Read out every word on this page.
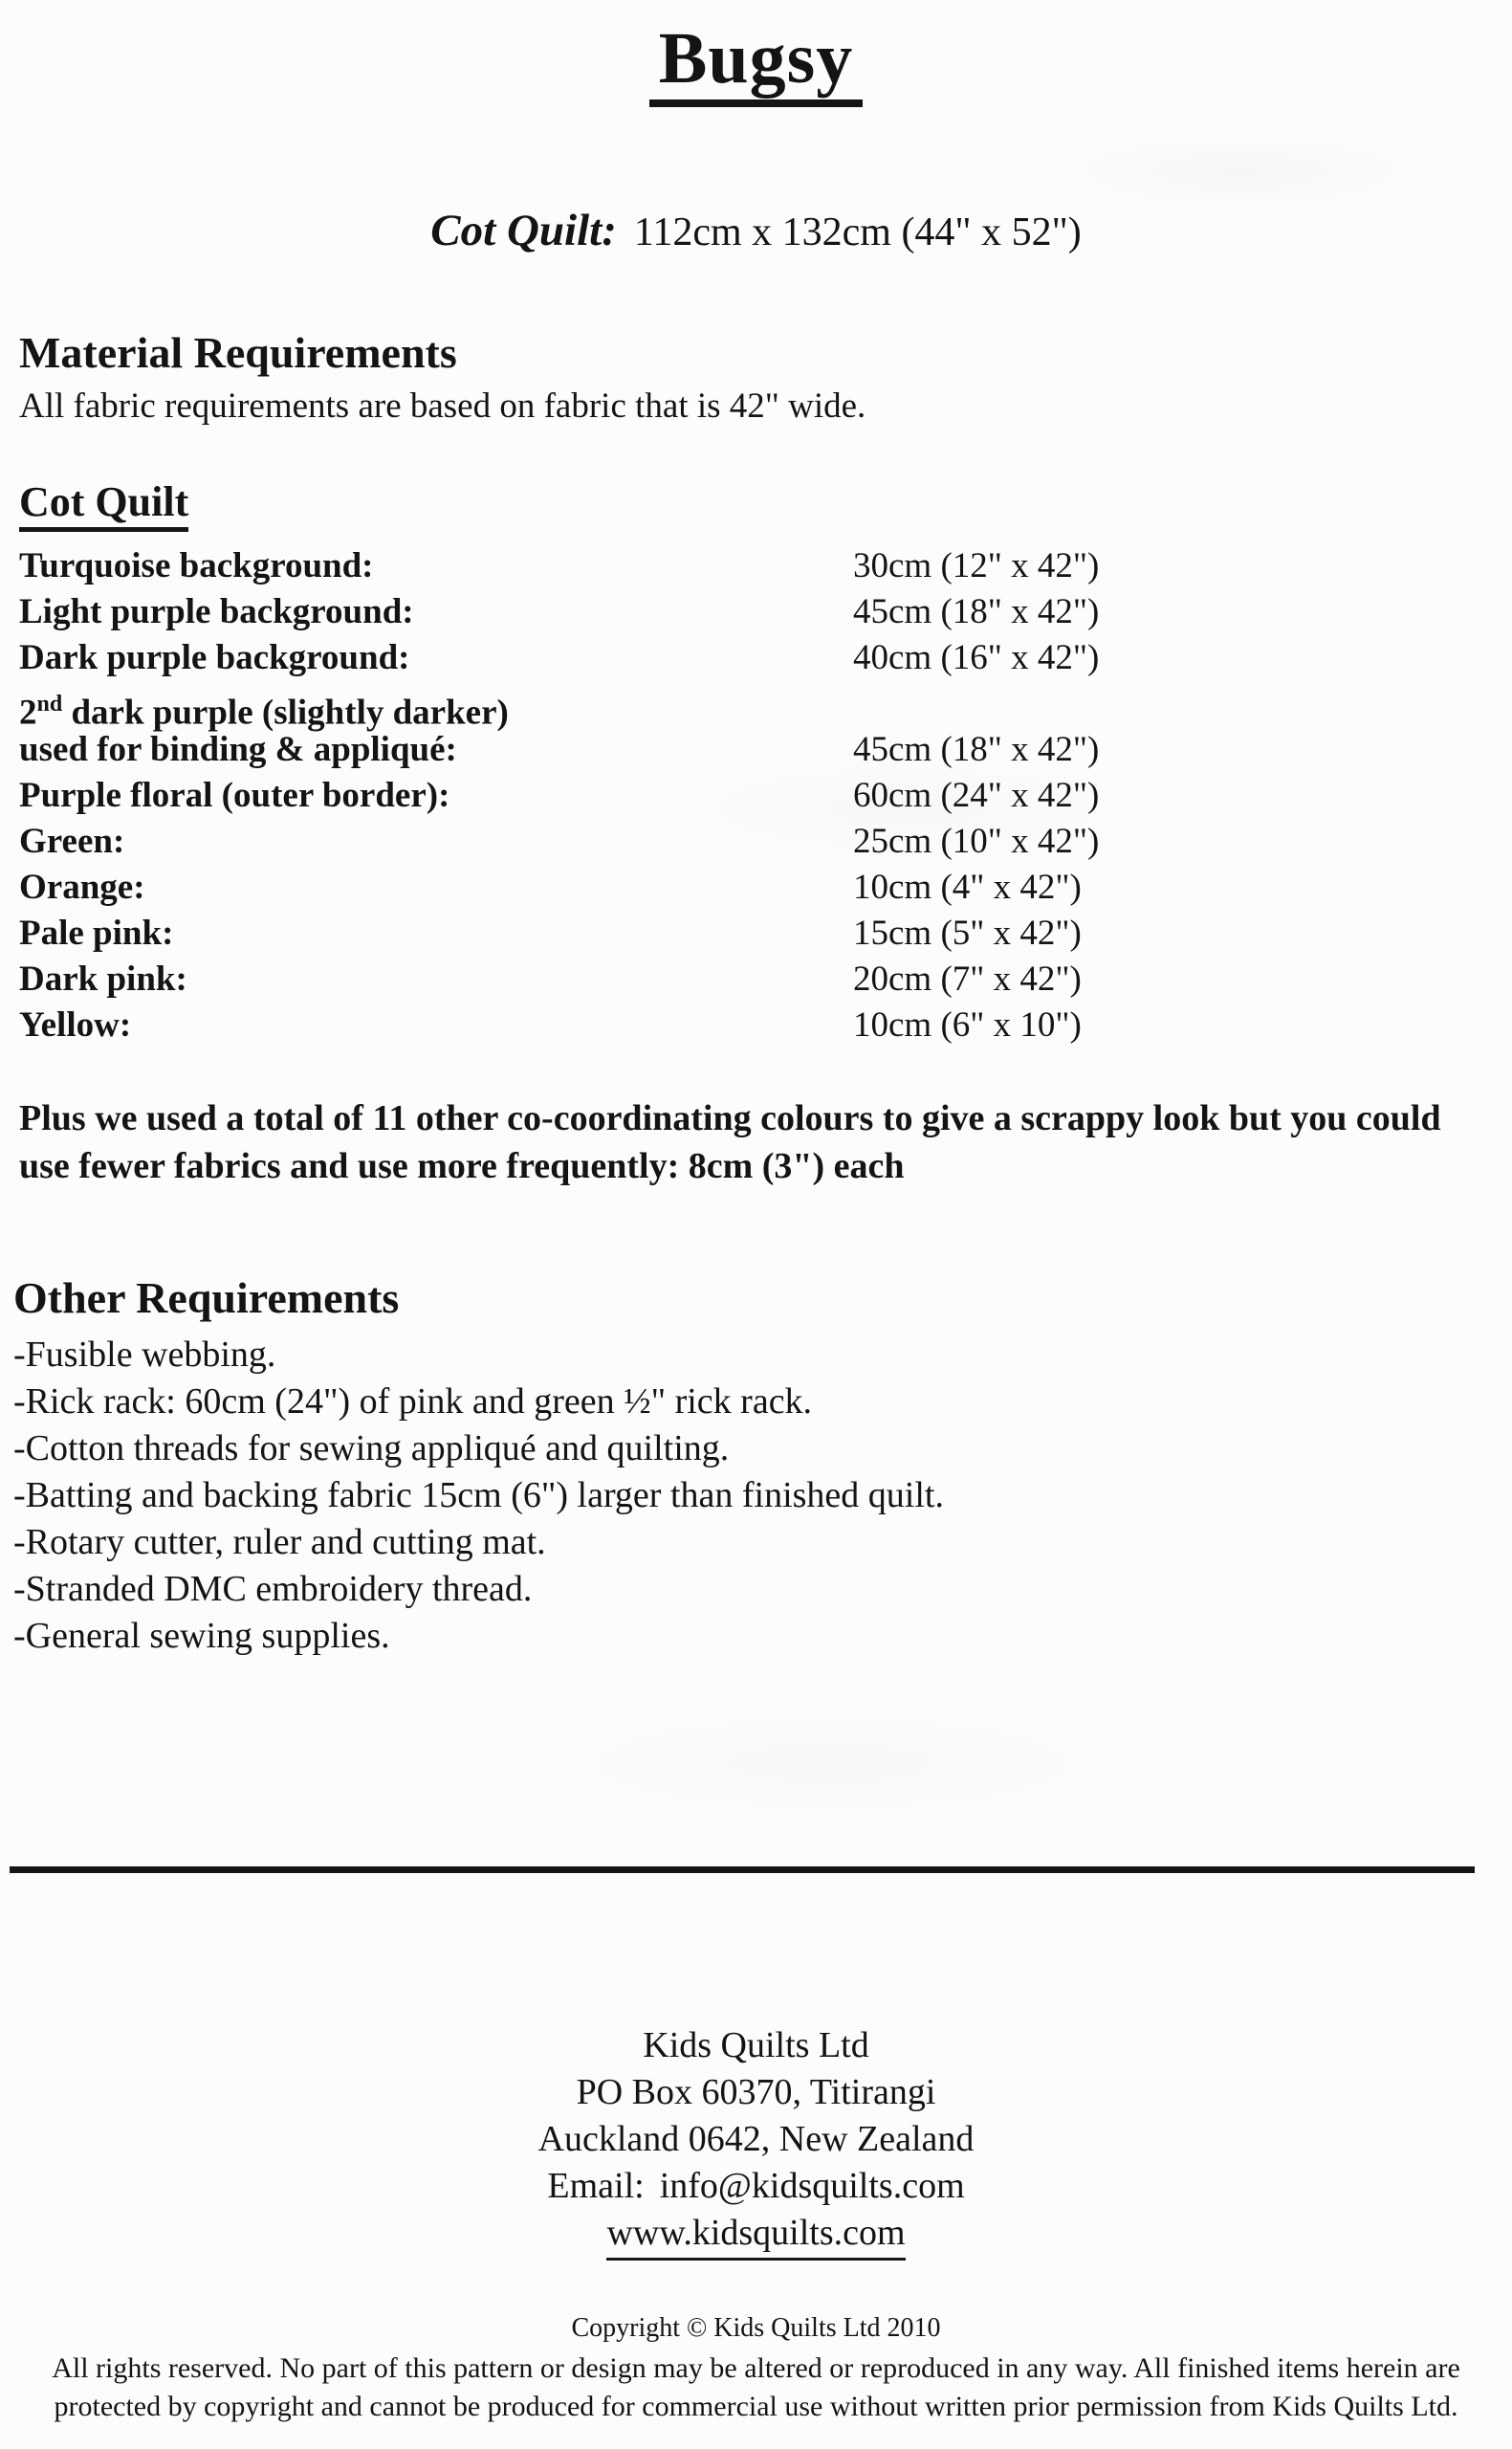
Bugsy
Cot Quilt: 112cm x 132cm (44" x 52")
Material Requirements
All fabric requirements are based on fabric that is 42" wide.
Cot Quilt
Turquoise background:	30cm (12" x 42")
Light purple background:	45cm (18" x 42")
Dark purple background:	40cm (16" x 42")
2nd dark purple (slightly darker)
used for binding & appliqué:	45cm (18" x 42")
Purple floral (outer border):	60cm (24" x 42")
Green:	25cm (10" x 42")
Orange:	10cm (4" x 42")
Pale pink:	15cm (5" x 42")
Dark pink:	20cm (7" x 42")
Yellow:	10cm (6" x 10")
Plus we used a total of 11 other co-coordinating colours to give a scrappy look but you could use fewer fabrics and use more frequently: 8cm (3") each
Other Requirements
-Fusible webbing.
-Rick rack: 60cm (24") of pink and green ½" rick rack.
-Cotton threads for sewing appliqué and quilting.
-Batting and backing fabric 15cm (6") larger than finished quilt.
-Rotary cutter, ruler and cutting mat.
-Stranded DMC embroidery thread.
-General sewing supplies.
Kids Quilts Ltd
PO Box 60370, Titirangi
Auckland 0642, New Zealand
Email: info@kidsquilts.com
www.kidsquilts.com
Copyright © Kids Quilts Ltd 2010
All rights reserved. No part of this pattern or design may be altered or reproduced in any way. All finished items herein are protected by copyright and cannot be produced for commercial use without written prior permission from Kids Quilts Ltd.
